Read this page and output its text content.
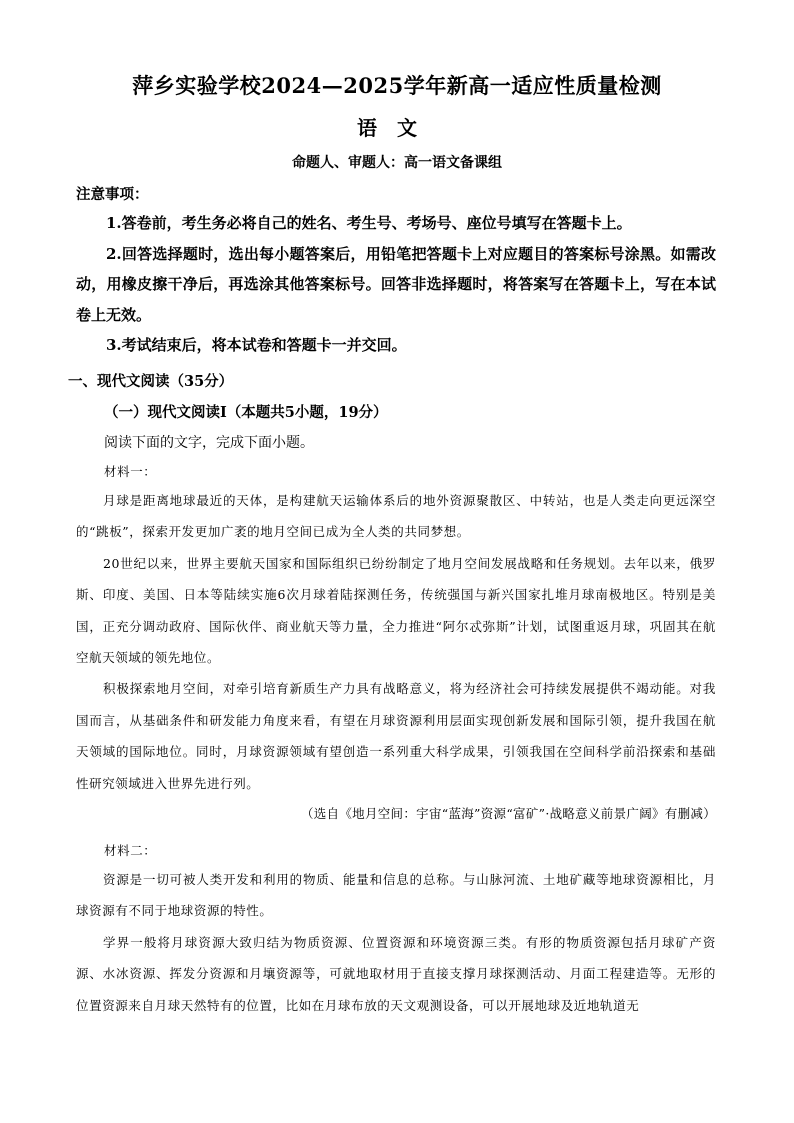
萍乡实验学校2024—2025学年新高一适应性质量检测
语文
命题人、审题人：高一语文备课组
注意事项：

1.答卷前，考生务必将自己的姓名、考生号、考场号、座位号填写在答题卡上。

2.回答选择题时，选出每小题答案后，用铅笔把答题卡上对应题目的答案标号涂黑。如需改动，用橡皮擦干净后，再选涂其他答案标号。回答非选择题时，将答案写在答题卡上，写在本试卷上无效。

3.考试结束后，将本试卷和答题卡一并交回。

一、现代文阅读（35分）
（一）现代文阅读Ⅰ（本题共5小题，19分）
阅读下面的文字，完成下面小题。
材料一：

月球是距离地球最近的天体，是构建航天运输体系后的地外资源聚散区、中转站，也是人类走向更远深空的“跳板”，探索开发更加广袤的地月空间已成为全人类的共同梦想。

20世纪以来，世界主要航天国家和国际组织已纷纷制定了地月空间发展战略和任务规划。去年以来，俄罗斯、印度、美国、日本等陆续实施6次月球着陆探测任务，传统强国与新兴国家扎堆月球南极地区。特别是美国，正充分调动政府、国际伙伴、商业航天等力量，全力推进“阿尔忒弥斯”计划，试图重返月球，巩固其在航空航天领域的领先地位。

积极探索地月空间，对牵引培育新质生产力具有战略意义，将为经济社会可持续发展提供不竭动能。对我国而言，从基础条件和研发能力角度来看，有望在月球资源利用层面实现创新发展和国际引领，提升我国在航天领域的国际地位。同时，月球资源领域有望创造一系列重大科学成果，引领我国在空间科学前沿探索和基础性研究领域进入世界先进行列。

（选自《地月空间：宇宙“蓝海”资源“富矿”·战略意义前景广阔》有删减）
材料二：

资源是一切可被人类开发和利用的物质、能量和信息的总称。与山脉河流、土地矿藏等地球资源相比，月球资源有不同于地球资源的特性。

学界一般将月球资源大致归结为物质资源、位置资源和环境资源三类。有形的物质资源包括月球矿产资源、水冰资源、挥发分资源和月壤资源等，可就地取材用于直接支撑月球探测活动、月面工程建造等。无形的位置资源来自月球天然特有的位置，比如在月球布放的天文观测设备，可以开展地球及近地轨道无
